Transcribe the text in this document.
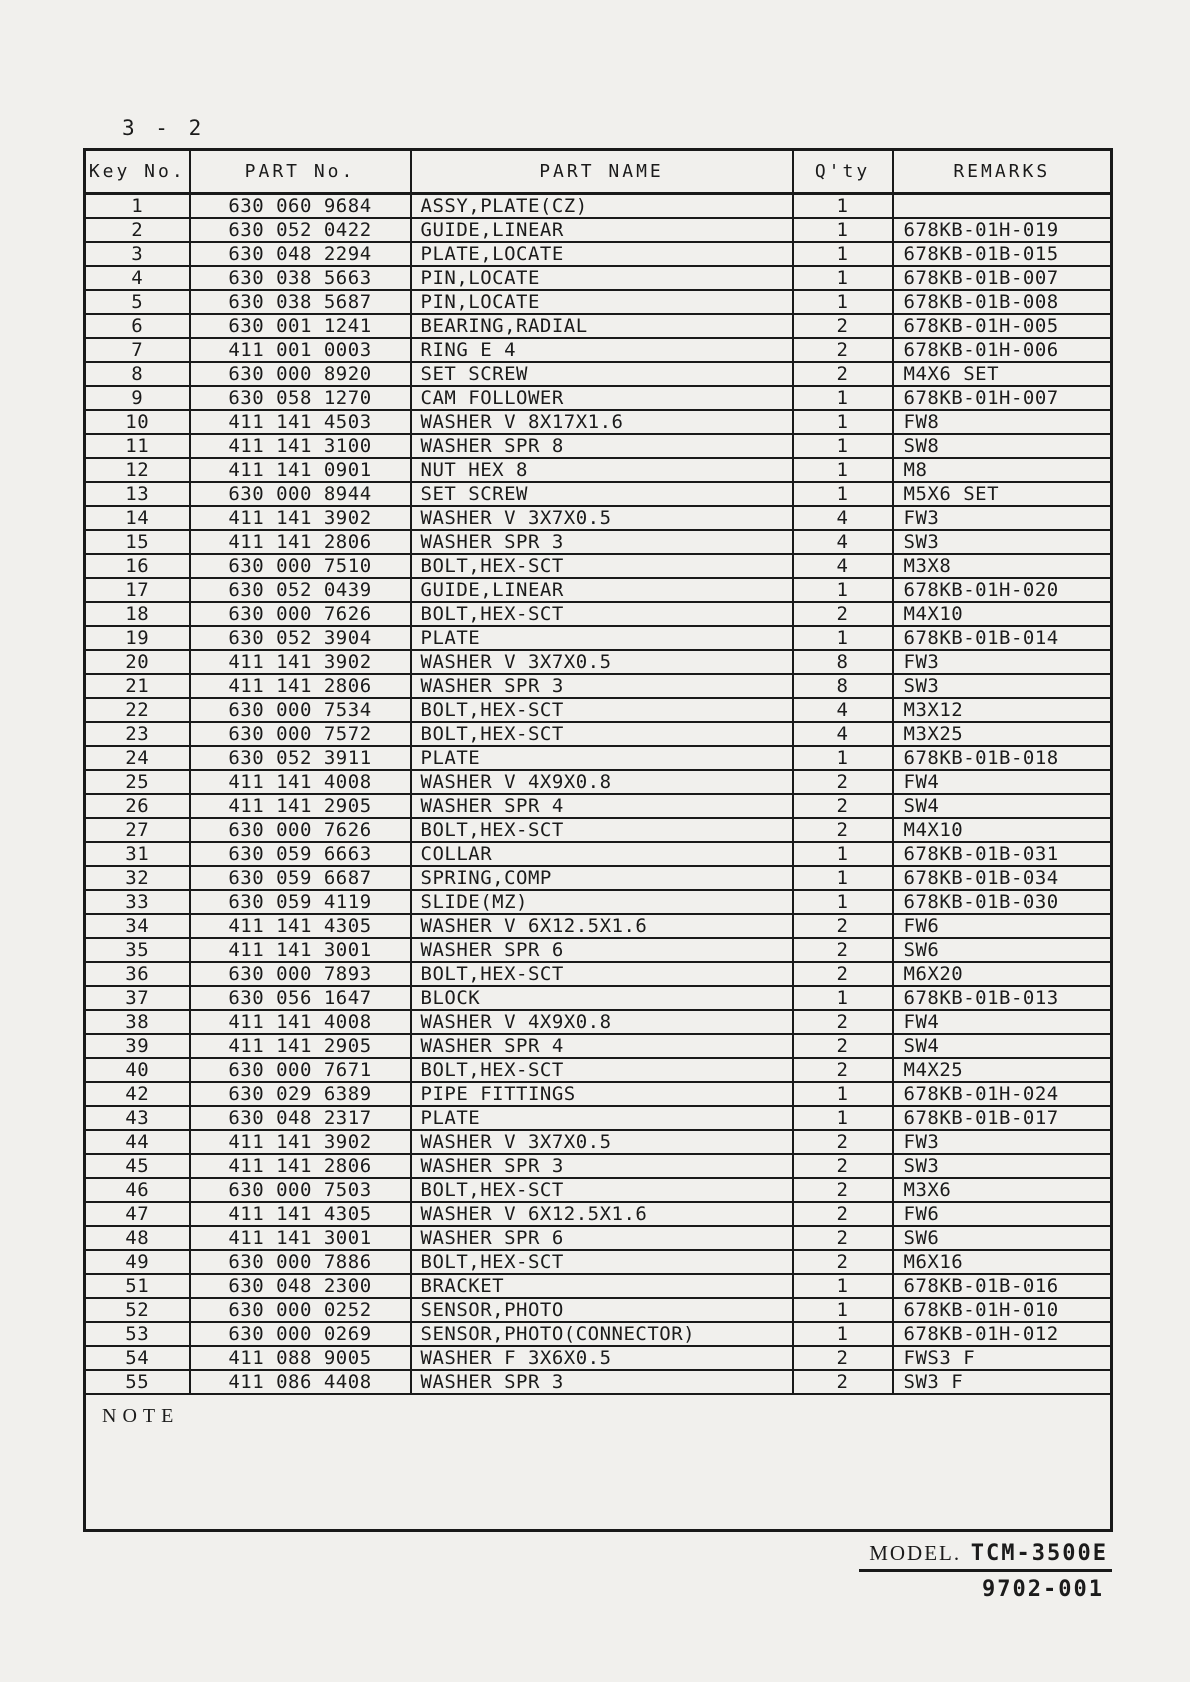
3 - 2
Key No.	PART No.	PART NAME	Q'ty	REMARKS
1	630 060 9684	ASSY,PLATE(CZ)	1	
2	630 052 0422	GUIDE,LINEAR	1	678KB-01H-019
3	630 048 2294	PLATE,LOCATE	1	678KB-01B-015
4	630 038 5663	PIN,LOCATE	1	678KB-01B-007
5	630 038 5687	PIN,LOCATE	1	678KB-01B-008
6	630 001 1241	BEARING,RADIAL	2	678KB-01H-005
7	411 001 0003	RING E 4	2	678KB-01H-006
8	630 000 8920	SET SCREW	2	M4X6 SET
9	630 058 1270	CAM FOLLOWER	1	678KB-01H-007
10	411 141 4503	WASHER V 8X17X1.6	1	FW8
11	411 141 3100	WASHER SPR 8	1	SW8
12	411 141 0901	NUT HEX 8	1	M8
13	630 000 8944	SET SCREW	1	M5X6 SET
14	411 141 3902	WASHER V 3X7X0.5	4	FW3
15	411 141 2806	WASHER SPR 3	4	SW3
16	630 000 7510	BOLT,HEX-SCT	4	M3X8
17	630 052 0439	GUIDE,LINEAR	1	678KB-01H-020
18	630 000 7626	BOLT,HEX-SCT	2	M4X10
19	630 052 3904	PLATE	1	678KB-01B-014
20	411 141 3902	WASHER V 3X7X0.5	8	FW3
21	411 141 2806	WASHER SPR 3	8	SW3
22	630 000 7534	BOLT,HEX-SCT	4	M3X12
23	630 000 7572	BOLT,HEX-SCT	4	M3X25
24	630 052 3911	PLATE	1	678KB-01B-018
25	411 141 4008	WASHER V 4X9X0.8	2	FW4
26	411 141 2905	WASHER SPR 4	2	SW4
27	630 000 7626	BOLT,HEX-SCT	2	M4X10
31	630 059 6663	COLLAR	1	678KB-01B-031
32	630 059 6687	SPRING,COMP	1	678KB-01B-034
33	630 059 4119	SLIDE(MZ)	1	678KB-01B-030
34	411 141 4305	WASHER V 6X12.5X1.6	2	FW6
35	411 141 3001	WASHER SPR 6	2	SW6
36	630 000 7893	BOLT,HEX-SCT	2	M6X20
37	630 056 1647	BLOCK	1	678KB-01B-013
38	411 141 4008	WASHER V 4X9X0.8	2	FW4
39	411 141 2905	WASHER SPR 4	2	SW4
40	630 000 7671	BOLT,HEX-SCT	2	M4X25
42	630 029 6389	PIPE FITTINGS	1	678KB-01H-024
43	630 048 2317	PLATE	1	678KB-01B-017
44	411 141 3902	WASHER V 3X7X0.5	2	FW3
45	411 141 2806	WASHER SPR 3	2	SW3
46	630 000 7503	BOLT,HEX-SCT	2	M3X6
47	411 141 4305	WASHER V 6X12.5X1.6	2	FW6
48	411 141 3001	WASHER SPR 6	2	SW6
49	630 000 7886	BOLT,HEX-SCT	2	M6X16
51	630 048 2300	BRACKET	1	678KB-01B-016
52	630 000 0252	SENSOR,PHOTO	1	678KB-01H-010
53	630 000 0269	SENSOR,PHOTO(CONNECTOR)	1	678KB-01H-012
54	411 088 9005	WASHER F 3X6X0.5	2	FWS3 F
55	411 086 4408	WASHER SPR 3	2	SW3 F
NOTE				
MODEL. TCM-3500E
9702-001
